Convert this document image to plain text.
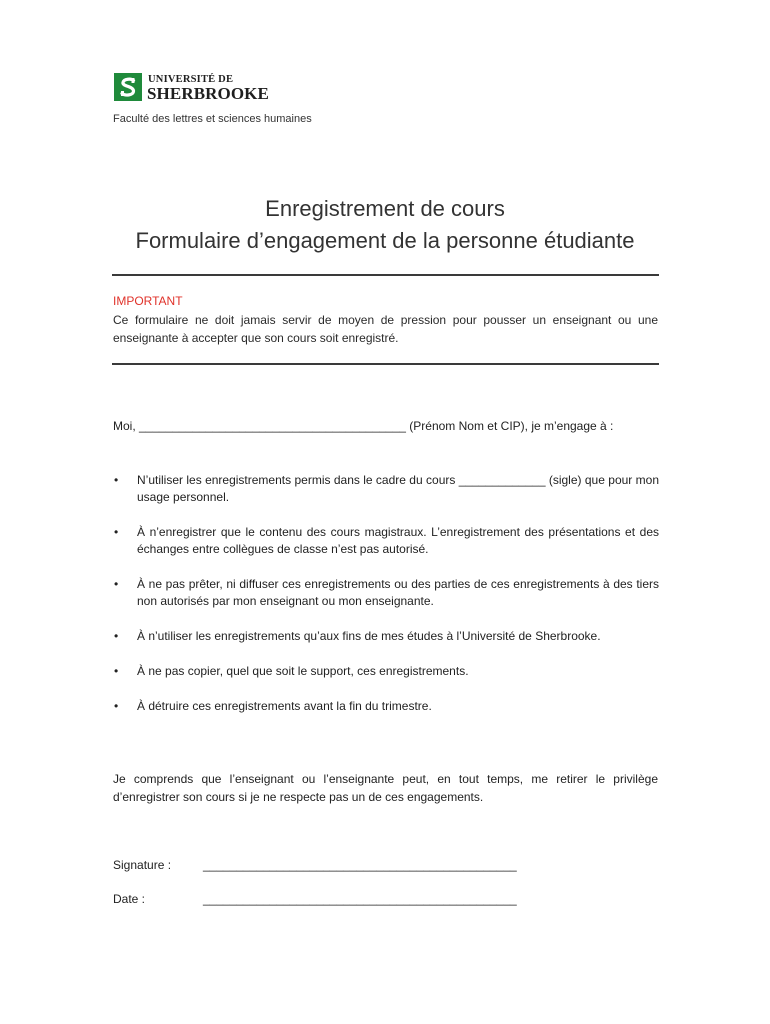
UNIVERSITÉ DE
SHERBROOKE
Faculté des lettres et sciences humaines
Enregistrement de cours
Formulaire d’engagement de la personne étudiante
IMPORTANT
Ce formulaire ne doit jamais servir de moyen de pression pour pousser un enseignant ou une enseignante à accepter que son cours soit enregistré.
Moi, ________________________________________ (Prénom Nom et CIP), je m’engage à :
• N’utiliser les enregistrements permis dans le cadre du cours _____________ (sigle) que pour mon usage personnel.
• À n’enregistrer que le contenu des cours magistraux. L’enregistrement des présentations et des échanges entre collègues de classe n’est pas autorisé.
• À ne pas prêter, ni diffuser ces enregistrements ou des parties de ces enregistrements à des tiers non autorisés par mon enseignant ou mon enseignante.
• À n’utiliser les enregistrements qu’aux fins de mes études à l’Université de Sherbrooke.
• À ne pas copier, quel que soit le support, ces enregistrements.
• À détruire ces enregistrements avant la fin du trimestre.
Je comprends que l’enseignant ou l’enseignante peut, en tout temps, me retirer le privilège d’enregistrer son cours si je ne respecte pas un de ces engagements.
Signature :	_______________________________________________
Date :	_______________________________________________
